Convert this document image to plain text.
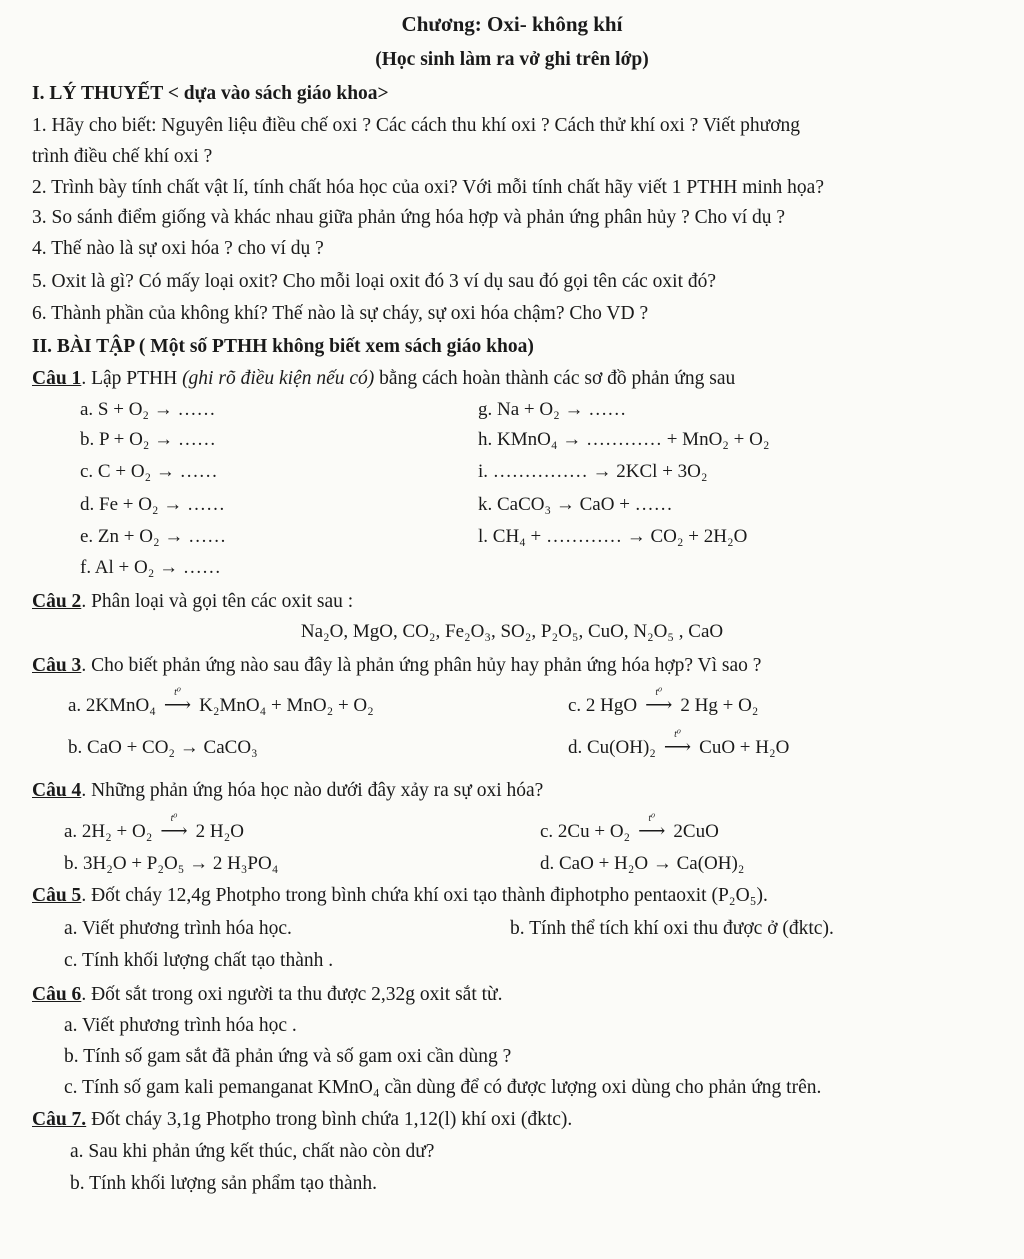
Chương: Oxi- không khí
(Học sinh làm ra vở ghi trên lớp)
I. LÝ THUYẾT < dựa vào sách giáo khoa>
1. Hãy cho biết: Nguyên liệu điều chế oxi ? Các cách thu khí oxi ? Cách thử khí oxi ? Viết phương
trình điều chế khí oxi ?
2. Trình bày tính chất vật lí, tính chất hóa học của oxi? Với mỗi tính chất hãy viết 1 PTHH minh họa?
3. So sánh điểm giống và khác nhau giữa phản ứng hóa hợp và phản ứng phân hủy ? Cho ví dụ ?
4. Thế nào là sự oxi hóa ? cho ví dụ ?
5. Oxit là gì? Có mấy loại oxit? Cho mỗi loại oxit đó 3 ví dụ sau đó gọi tên các oxit đó?
6. Thành phần của không khí? Thế nào là sự cháy, sự oxi hóa chậm? Cho VD ?
II. BÀI TẬP ( Một số PTHH không biết xem sách giáo khoa)
Câu 1. Lập PTHH (ghi rõ điều kiện nếu có) bằng cách hoàn thành các sơ đồ phản ứng sau
a. S + O₂ → ……
b. P + O₂ → ……
c. C + O₂ → ……
d. Fe + O₂ → ……
e. Zn + O₂ → ……
f. Al + O₂ → ……
g. Na + O₂ → ……
h. KMnO₄ → ………… + MnO₂ + O₂
i. …………… → 2KCl + 3O₂
k. CaCO₃ → CaO + ……
l. CH₄ + ………… → CO₂ + 2H₂O
Câu 2. Phân loại và gọi tên các oxit sau :
Na₂O, MgO, CO₂, Fe₂O₃, SO₂, P₂O₅, CuO, N₂O₅ , CaO
Câu 3. Cho biết phản ứng nào sau đây là phản ứng phân hủy hay phản ứng hóa hợp? Vì sao ?
a. 2KMnO₄
t⁰
⟶ K₂MnO₄ + MnO₂ + O₂	c. 2 HgO
t⁰
⟶ 2 Hg + O₂
b. CaO + CO₂ → CaCO₃	d. Cu(OH)₂
t⁰
⟶ CuO + H₂O
Câu 4. Những phản ứng hóa học nào dưới đây xảy ra sự oxi hóa?
a. 2H₂ + O₂
t⁰
⟶ 2 H₂O	c. 2Cu + O₂
t⁰
⟶ 2CuO
b. 3H₂O + P₂O₅ → 2 H₃PO₄	d. CaO + H₂O → Ca(OH)₂
Câu 5. Đốt cháy 12,4g Photpho trong bình chứa khí oxi tạo thành điphotpho pentaoxit (P₂O₅).
a. Viết phương trình hóa học.	b. Tính thể tích khí oxi thu được ở (đktc).
c. Tính khối lượng chất tạo thành .
Câu 6. Đốt sắt trong oxi người ta thu được 2,32g oxit sắt từ.
a. Viết phương trình hóa học .
b. Tính số gam sắt đã phản ứng và số gam oxi cần dùng ?
c. Tính số gam kali pemanganat KMnO₄ cần dùng để có được lượng oxi dùng cho phản ứng trên.
Câu 7. Đốt cháy 3,1g Photpho trong bình chứa 1,12(l) khí oxi (đktc).
a. Sau khi phản ứng kết thúc, chất nào còn dư?
b. Tính khối lượng sản phẩm tạo thành.
